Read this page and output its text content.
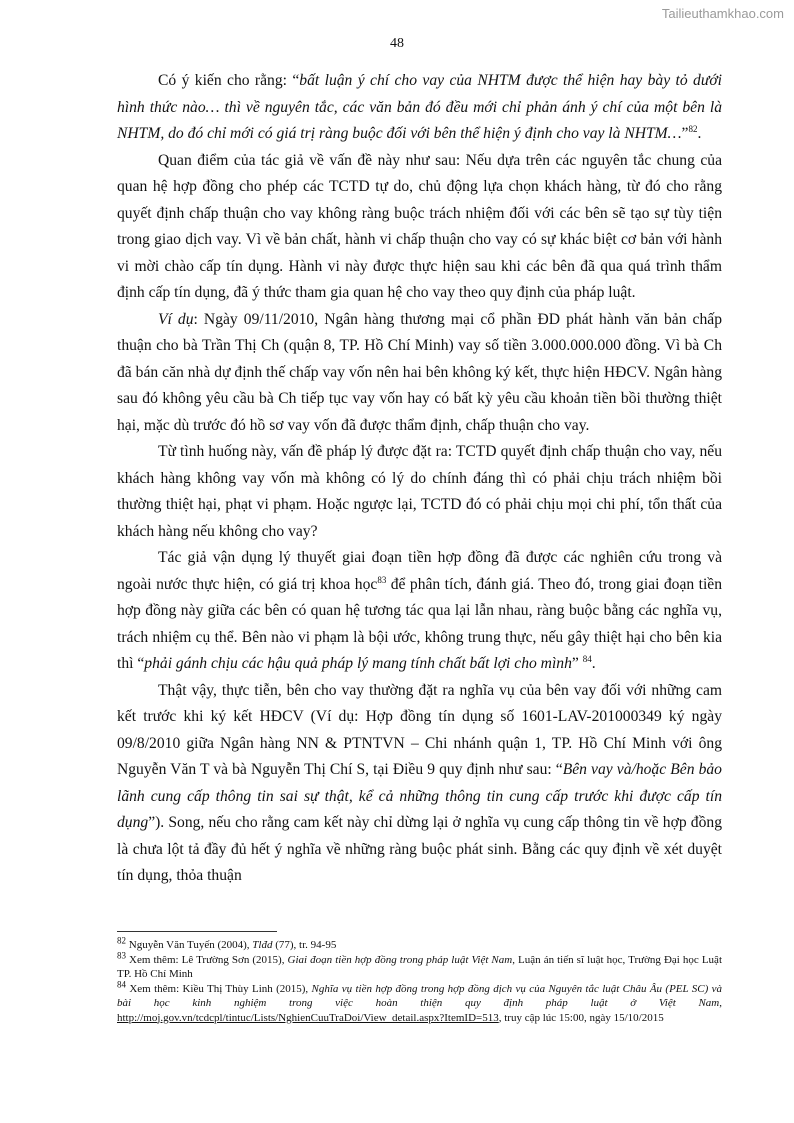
Tailieuthamkhao.com
48

Có ý kiến cho rằng: “bất luận ý chí cho vay của NHTM được thể hiện hay bày tỏ dưới hình thức nào… thì về nguyên tắc, các văn bản đó đều mới chỉ phản ánh ý chí của một bên là NHTM, do đó chỉ mới có giá trị ràng buộc đối với bên thể hiện ý định cho vay là NHTM…”$^{82}$.

Quan điểm của tác giả về vấn đề này như sau: Nếu dựa trên các nguyên tắc chung của quan hệ hợp đồng cho phép các TCTD tự do, chủ động lựa chọn khách hàng, từ đó cho rằng quyết định chấp thuận cho vay không ràng buộc trách nhiệm đối với các bên sẽ tạo sự tùy tiện trong giao dịch vay. Vì về bản chất, hành vi chấp thuận cho vay có sự khác biệt cơ bản với hành vi mời chào cấp tín dụng. Hành vi này được thực hiện sau khi các bên đã qua quá trình thẩm định cấp tín dụng, đã ý thức tham gia quan hệ cho vay theo quy định của pháp luật.

Ví dụ: Ngày 09/11/2010, Ngân hàng thương mại cổ phần ĐD phát hành văn bản chấp thuận cho bà Trần Thị Ch (quận 8, TP. Hồ Chí Minh) vay số tiền 3.000.000.000 đồng. Vì bà Ch đã bán căn nhà dự định thế chấp vay vốn nên hai bên không ký kết, thực hiện HĐCV. Ngân hàng sau đó không yêu cầu bà Ch tiếp tục vay vốn hay có bất kỳ yêu cầu khoản tiền bồi thường thiệt hại, mặc dù trước đó hồ sơ vay vốn đã được thẩm định, chấp thuận cho vay.

Từ tình huống này, vấn đề pháp lý được đặt ra: TCTD quyết định chấp thuận cho vay, nếu khách hàng không vay vốn mà không có lý do chính đáng thì có phải chịu trách nhiệm bồi thường thiệt hại, phạt vi phạm. Hoặc ngược lại, TCTD đó có phải chịu mọi chi phí, tổn thất của khách hàng nếu không cho vay?

Tác giả vận dụng lý thuyết giai đoạn tiền hợp đồng đã được các nghiên cứu trong và ngoài nước thực hiện, có giá trị khoa học$^{83}$ để phân tích, đánh giá. Theo đó, trong giai đoạn tiền hợp đồng này giữa các bên có quan hệ tương tác qua lại lẫn nhau, ràng buộc bằng các nghĩa vụ, trách nhiệm cụ thể. Bên nào vi phạm là bội ước, không trung thực, nếu gây thiệt hại cho bên kia thì “phải gánh chịu các hậu quả pháp lý mang tính chất bất lợi cho mình” $^{84}$.

Thật vậy, thực tiễn, bên cho vay thường đặt ra nghĩa vụ của bên vay đối với những cam kết trước khi ký kết HĐCV (Ví dụ: Hợp đồng tín dụng số 1601-LAV-201000349 ký ngày 09/8/2010 giữa Ngân hàng NN & PTNTVN – Chi nhánh quận 1, TP. Hồ Chí Minh với ông Nguyễn Văn T và bà Nguyễn Thị Chí S, tại Điều 9 quy định như sau: “Bên vay và/hoặc Bên bảo lãnh cung cấp thông tin sai sự thật, kể cả những thông tin cung cấp trước khi được cấp tín dụng”). Song, nếu cho rằng cam kết này chỉ dừng lại ở nghĩa vụ cung cấp thông tin về hợp đồng là chưa lột tả đầy đủ hết ý nghĩa về những ràng buộc phát sinh. Bằng các quy định về xét duyệt tín dụng, thỏa thuận

$^{82}$ Nguyễn Văn Tuyến (2004), Tlđd (77), tr. 94-95
$^{83}$ Xem thêm: Lê Trường Sơn (2015), Giai đoạn tiền hợp đồng trong pháp luật Việt Nam, Luận án tiến sĩ luật học, Trường Đại học Luật TP. Hồ Chí Minh
$^{84}$ Xem thêm: Kiều Thị Thùy Linh (2015), Nghĩa vụ tiền hợp đồng trong hợp đồng dịch vụ của Nguyên tắc luật Châu Âu (PEL SC) và bài học kinh nghiệm trong việc hoàn thiện quy định pháp luật ở Việt Nam, http://moj.gov.vn/tcdcpl/tintuc/Lists/NghienCuuTraDoi/View_detail.aspx?ItemID=513, truy cập lúc 15:00, ngày 15/10/2015
